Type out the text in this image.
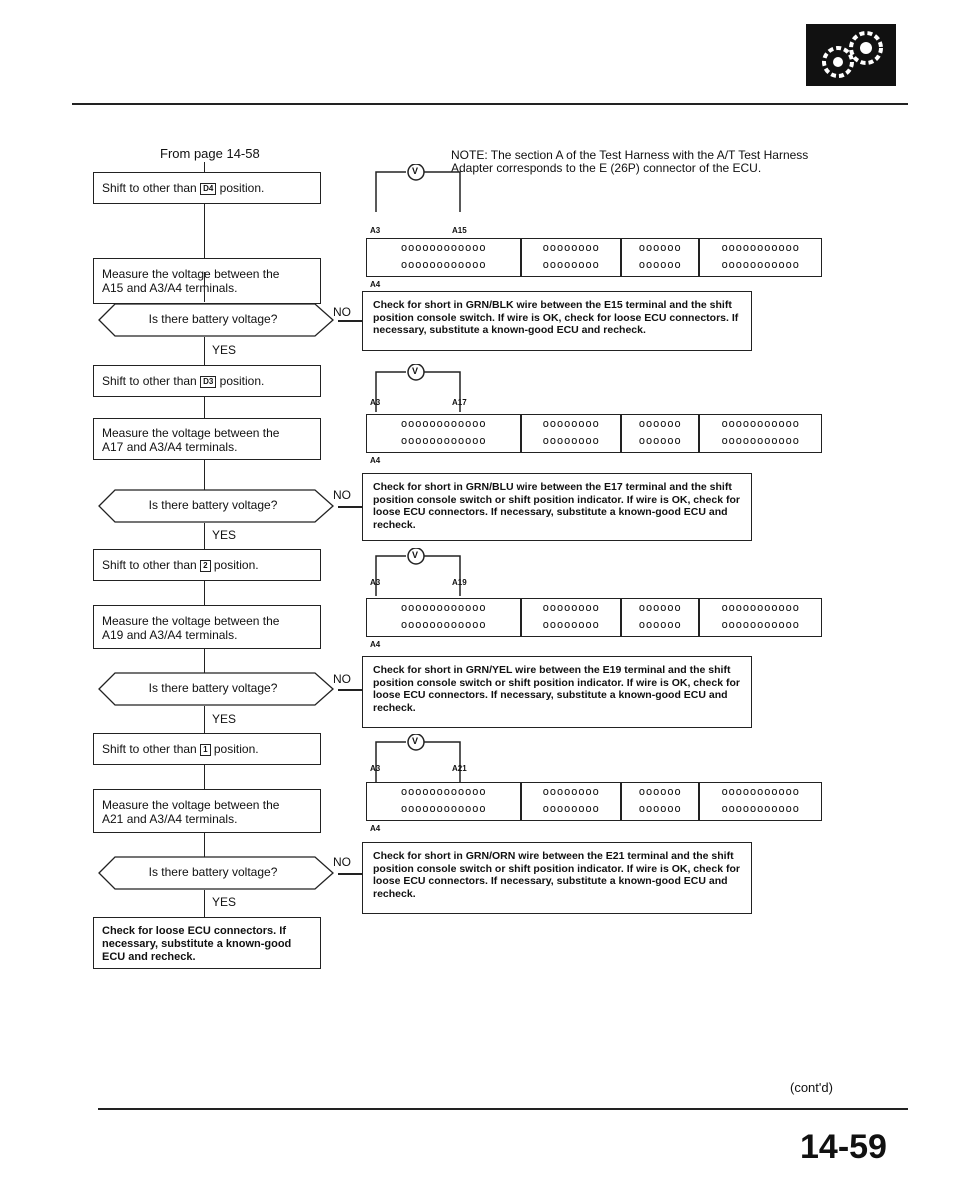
From page 14-58	NOTE: The section A of the Test Harness with the A/T Test Harness Adapter corresponds to the E (26P) connector of the ECU.
Shift to other than D4 position.
Measure the voltage between the
A15 and A3/A4 terminals.
Is there battery voltage?	NO
YES
Shift to other than D3 position.
Measure the voltage between the
A17 and A3/A4 terminals.
Is there battery voltage?
NO
YES
Shift to other than 2 position.
Measure the voltage between the
A19 and A3/A4 terminals.
Is there battery voltage?
NO
YES
Shift to other than 1 position.
Measure the voltage between the
A21 and A3/A4 terminals.
Is there battery voltage?
NO
YES
Check for loose ECU connectors. If necessary, substitute a known-good ECU and recheck.
V
A3	A15
oooooooooooo
oooooooooooo
oooooooo
oooooooo
oooooo
oooooo
ooooooooooo
ooooooooooo
A4
Check for short in GRN/BLK wire between the E15 terminal and the shift position console switch. If wire is OK, check for loose ECU connectors. If necessary, substitute a known-good ECU and recheck.
V
A3	A17
oooooooooooo
oooooooooooo
oooooooo
oooooooo
oooooo
oooooo
ooooooooooo
ooooooooooo
A4
Check for short in GRN/BLU wire between the E17 terminal and the shift position console switch or shift position indicator. If wire is OK, check for loose ECU connectors. If necessary, substitute a known-good ECU and recheck.
V
A3	A19
oooooooooooo
oooooooooooo
oooooooo
oooooooo
oooooo
oooooo
ooooooooooo
ooooooooooo
A4
Check for short in GRN/YEL wire between the E19 terminal and the shift position console switch or shift position indicator. If wire is OK, check for loose ECU connectors. If necessary, substitute a known-good ECU and recheck.
V
A3	A21
oooooooooooo
oooooooooooo
oooooooo
oooooooo
oooooo
oooooo
ooooooooooo
ooooooooooo
A4
Check for short in GRN/ORN wire between the E21 terminal and the shift position console switch or shift position indicator. If wire is OK, check for loose ECU connectors. If necessary, substitute a known-good ECU and recheck.
(cont'd)
14-59
